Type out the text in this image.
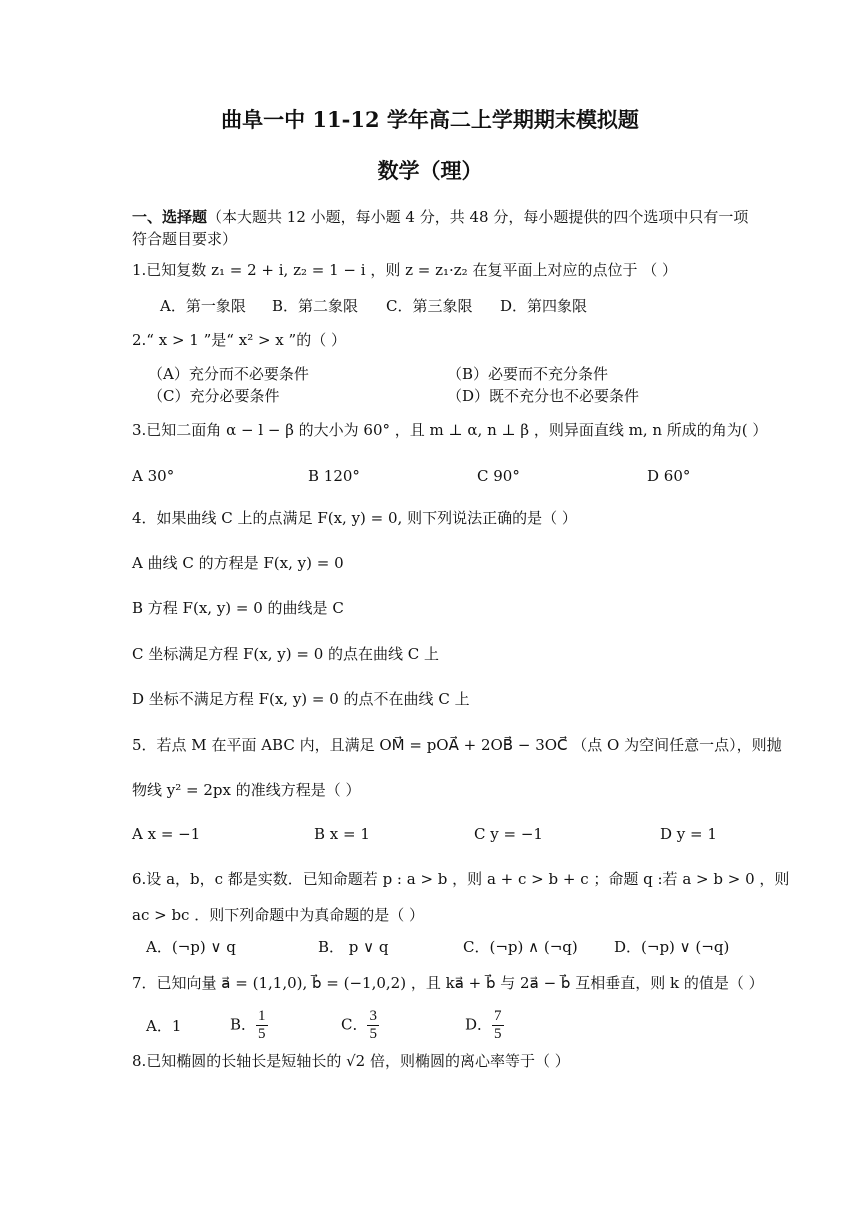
曲阜一中 11-12 学年高二上学期期末模拟题
数学（理）
一、选择题（本大题共 12 小题，每小题 4 分，共 48 分，每小题提供的四个选项中只有一项
符合题目要求）
1.已知复数 z₁ = 2 + i, z₂ = 1 − i ，则 z = z₁·z₂ 在复平面上对应的点位于 （ ）
A．第一象限 B．第二象限 C．第三象限 D．第四象限
2.“ x > 1 ”是“ x² > x ”的（ ）
（A）充分而不必要条件	（B）必要而不充分条件
（C）充分必要条件	（D）既不充分也不必要条件
3.已知二面角 α − l − β 的大小为 60° ，且 m ⊥ α, n ⊥ β ，则异面直线 m, n 所成的角为( ）
A 30°	B 120°	C 90°	D 60°
4．如果曲线 C 上的点满足 F(x, y) = 0, 则下列说法正确的是（ ）
A 曲线 C 的方程是 F(x, y) = 0
B 方程 F(x, y) = 0 的曲线是 C
C 坐标满足方程 F(x, y) = 0 的点在曲线 C 上
D 坐标不满足方程 F(x, y) = 0 的点不在曲线 C 上
5．若点 M 在平面 ABC 内，且满足 OM⃗ = pOA⃗ + 2OB⃗ − 3OC⃗ （点 O 为空间任意一点），则抛
物线 y² = 2px 的准线方程是（ ）
A x = −1	B x = 1	C y = −1	D y = 1
6.设 a，b，c 都是实数．已知命题若 p : a > b ，则 a + c > b + c ；命题 q :若 a > b > 0 ，则
ac > bc ．则下列命题中为真命题的是（ ）
A．(¬p) ∨ q	B． p ∨ q	C．(¬p) ∧ (¬q) D．(¬p) ∨ (¬q)
7．已知向量 a⃗ = (1,1,0), b⃗ = (−1,0,2) ，且 ka⃗ + b⃗ 与 2a⃗ − b⃗ 互相垂直，则 k 的值是（ ）
A．1	B． $\frac{1}{5}$	C． $\frac{3}{5}$	D． $\frac{7}{5}$
8.已知椭圆的长轴长是短轴长的 √2 倍，则椭圆的离心率等于（ ）
